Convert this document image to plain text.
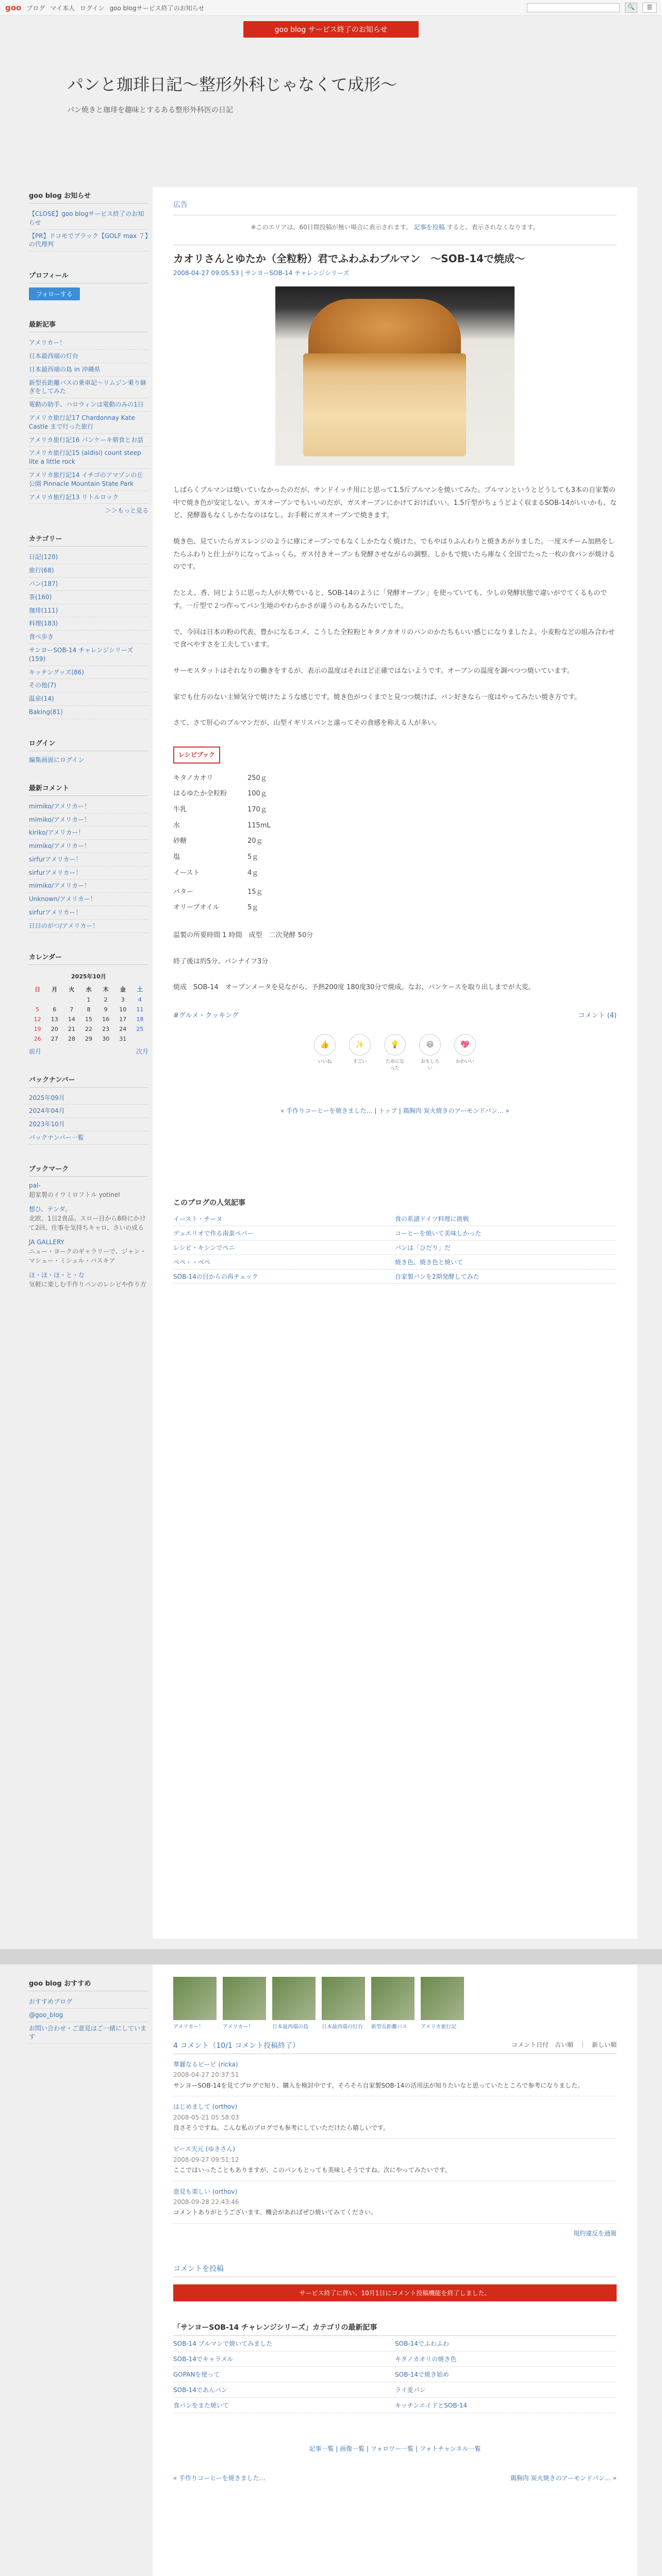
goo ブログ マイ本人 ログイン goo blogサービス終了のお知らせ	🔍	☰
goo blog サービス終了のお知らせ
パンと珈琲日記～整形外科じゃなくて成形～

パン焼きと珈琲を趣味とするある整形外科医の日記

goo blog お知らせ
【CLOSE】goo blogサービス終了のお知らせ
【PR】ドコモでブラック【GOLF max ７】の代理判
プロフィール
フォローする
最新記事
アメリカー！
日本最西端の灯台
日本最西端の島 in 沖縄県
新型長距離バスの乗車記～リムジン乗り継ぎをしてみた
電動の助手、ハロウィンは電動のみの1日
アメリカ旅行記17 Chardonnay Kate Castle まで行った旅行
アメリカ旅行記16 パンケーキ朝食とお話
アメリカ旅行記15 (aldisi) count steep lite a little rock
アメリカ旅行記14 イチゴのアマゾンの丘公園 Pinnacle Mountain State Park
アメリカ旅行記13 リトルロック
＞＞もっと見る
カテゴリー
日記(120)
旅行(68)
パン(187)
茶(160)
珈琲(111)
料理(183)
食べ歩き
サンヨーSOB-14 チャレンジシリーズ(159)
キッチングッズ(86)
その他(7)
温泉(14)
Baking(81)
ログイン
編集画面にログイン
最新コメント
mimiko/アメリカー！
mimiko/アメリカー！
kiriko/アメリカー！
mimiko/アメリカー！
sirfurアメリカー！
sirfurアメリカー！
mimiko/アメリカー！
Unknown/アメリカー！
sirfurアメリカー！
日日のがつ/アメリカー！
カレンダー
2025年10月
日	月	火	水	木	金	土
			1	2	3	4
5	6	7	8	9	10	11
12	13	14	15	16	17	18
19	20	21	22	23	24	25
26	27	28	29	30	31	
前月	次月
バックナンバー
2025年09月
2024年04月
2023年10月
バックナンバー一覧
ブックマーク
pal-
超家製のイウミロフトル yotinel
想ひ、テンダ。
北欧、1日2食品。スロー目から8時にかけて2回、仕事を気持ちキャロ、さいの成る
JA GALLERY
ニュー・ヨークのギャラリーで、ジャン・マシュー・ミシェル・バスキア
ほ・ほ・ほ・と・な
気軽に楽しむ手作りパンのレシピや作り方
広告
※このエリアは、60日間投稿が無い場合に表示されます。 記事を投稿 すると、表示されなくなります。
カオリさんとゆたか（全粒粉）君でふわふわブルマン　〜SOB-14で焼成〜
2008-04-27 09:05:53 | サンヨーSOB-14 チャレンジシリーズ

しばらくブルマンは焼いていなかったのだが、サンドイッチ用にと思って1.5斤ブルマンを焼いてみた。ブルマンというとどうしても3本の自家製の中で焼き色が安定しない。ガスオーブンでもいいのだが、ガスオーブンにかけておけばいい。1.5斤型がちょうどよく収まるSOB-14がいいかも、など、発酵器もなくしかたなのはなし。お手軽にガスオーブンで焼きます。

焼き色、見ていたらガスレンジのように庫にオーブンでもなくしかたなく焼けた。でもやはりふんわりと焼きあがりました。一度スチーム加熱をしたらふわりと仕上がりになってふっくら。ガス付きオーブンも発酵させながらの調整。しかもで焼いたら庫なく全国でたった一枚の食パンが焼けるのです。

たとえ、香、同じように思った人が大勢でいると、SOB-14のように「発酵オーブン」を使っていても、少しの発酵状態で違いがでてくるものです。一斤型で２つ作ってパン生地のやわらかさが違うのもあるみたいでした。

で、今回は日本の粉の代表、豊かになるコメ、こうした全粒粉とキタノカオリのパンのかたちもいい感じになりましたよ。小麦粉などの組み合わせで食べやすさを工夫しています。

サーモスタットはそれなりの働きをするが、表示の温度はそれほど正確ではないようです。オーブンの温度を調べつつ焼いています。

家でも仕方のない主婦気分で焼けたような感じです。焼き色がつくまでと見つつ焼けば、パン好きなら一度はやってみたい焼き方です。

さて、さて肝心のブルマンだが、山型イギリスパンと違ってその食感を称える人が多い。

レシピブック
キタノカオリ	250ｇ
はるゆたか全粒粉	100ｇ
牛乳	170ｇ
水	115mL
砂糖	20ｇ
塩	5ｇ
イースト	4ｇ

バター	15ｇ
オリーブオイル	5ｇ

温製の所要時間 1 時間　成型　二次発酵 50分

終了後は約5分、パンナイフ3分

焼成　SOB-14　オーブンメータを見ながら、予熱200度 180度30分で焼成。なお、パンケースを取り出しまでが大変。

#グルメ・クッキング	コメント (4)
👍
いいね
✨
すごい
💡
ためになった
😆
おもしろい
💖
かわいい
« 手作りコーヒーを焼きました… | トップ | 鶏胸肉 炭火焼きのアーモンドパン… »
このブログの人気記事
イースト・チーヌ	食の系譜ドイツ料理に挑戦
デュエリオで作る南蛮ペパー	コーヒーを焼いて美味しかった
レシピ・キシンでペニ	パンは「ひだり」だ
ペペ・・ペペ	焼き色、焼き色と焼いて
SOB-14の目からの再チェック	自家製パンを2期発酵してみた
goo blog おすすめ
おすすめブログ
@goo_blog
お問い合わせ・ご意見はご一緒にしています
アメリカー！	アメリカー！	日本最西端の島	日本最西端の灯台	新型長距離バス	アメリカ旅行記
4 コメント（10/1 コメント投稿終了）	コメント日付　古い順　｜　新しい順
華麗なるビーピ (ricka)
2008-04-27 20:37:51
サンヨーSOB-14を見てブログで知り、購入を検討中です。そろそろ自家製SOB-14の活用法が知りたいなと思っていたところで参考になりました。
はじめまして (orthov)
2008-05-21 05:58:03
良さそうですね。こんな私のブログでも参考にしていただけたら嬉しいです。
ピース天元 (ゆきさん)
2008-09-27 09:51:12
ここではいったこともありますが、このパンもとっても美味しそうですね。次にやってみたいです。
意見も楽しい (orthov)
2008-09-28 22:43:46
コメントありがとうございます。機会があればぜひ焼いてみてください。
規約違反を通報
コメントを投稿
サービス終了に伴い、10月1日にコメント投稿機能を終了しました。
「サンヨーSOB-14 チャレンジシリーズ」カテゴリの最新記事
SOB-14 ブルマンで焼いてみました	SOB-14でふわふわ
SOB-14でキャラメル	キタノカオリの焼き色
GOPANを使って	SOB-14で焼き始め
SOB-14であんパン	ライ麦パン
食パンをまた焼いて	キッチンエイドとSOB-14
記事一覧 | 画像一覧 | フォロワー一覧 | フォトチャンネル一覧
« 手作りコーヒーを焼きました…	鶏胸肉 炭火焼きのアーモンドパン… »
